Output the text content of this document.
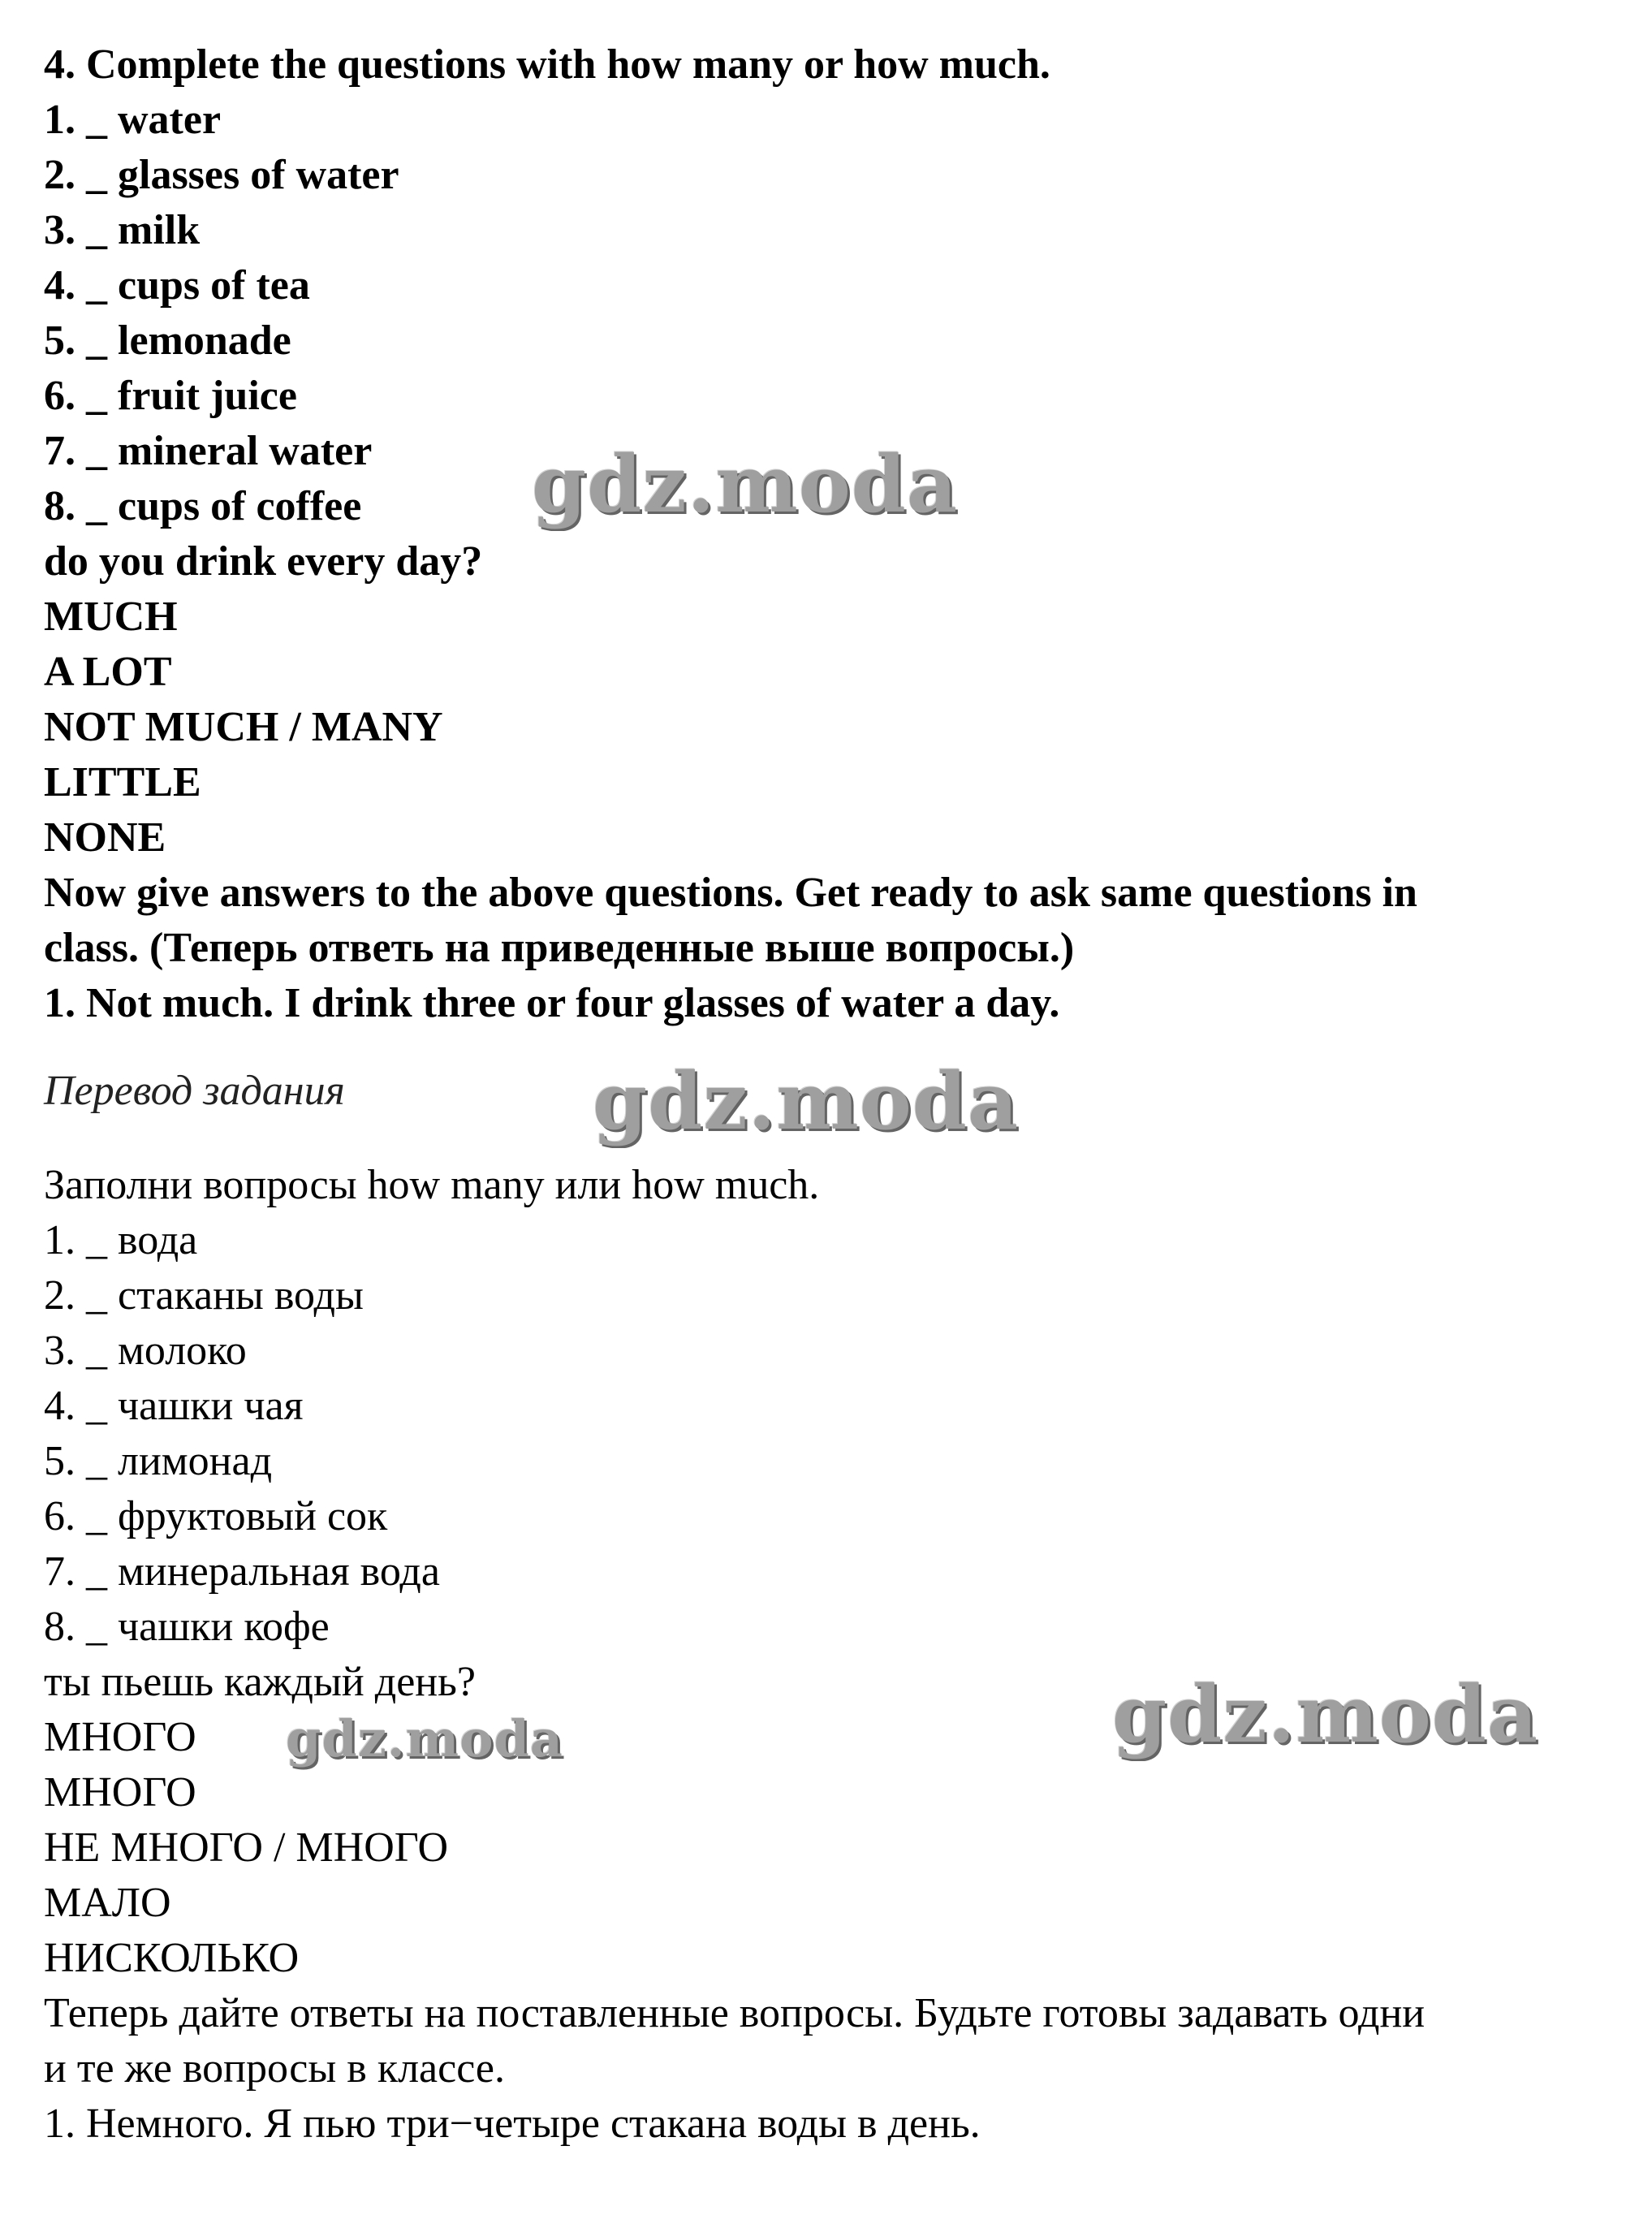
4. Complete the questions with how many or how much.

1. _ water

2. _ glasses of water

3. _ milk

4. _ cups of tea

5. _ lemonade

6. _ fruit juice

7. _ mineral water

8. _ cups of coffee

do you drink every day?

MUCH

A LOT

NOT MUCH / MANY

LITTLE

NONE

Now give answers to the above questions. Get ready to ask same questions in

class. (Теперь ответь на приведенные выше вопросы.)

1. Not much. I drink three or four glasses of water a day.

Перевод задания

Заполни вопросы how many или how much.

1. _ вода

2. _ стаканы воды

3. _ молоко

4. _ чашки чая

5. _ лимонад

6. _ фруктовый сок

7. _ минеральная вода

8. _ чашки кофе

ты пьешь каждый день?

МНОГО

МНОГО

НЕ МНОГО / МНОГО

МАЛО

НИСКОЛЬКО

Теперь дайте ответы на поставленные вопросы. Будьте готовы задавать одни

и те же вопросы в классе.

1. Немного. Я пью три−четыре стакана воды в день.

gdz.moda

gdz.moda

gdz.moda

gdz.moda
